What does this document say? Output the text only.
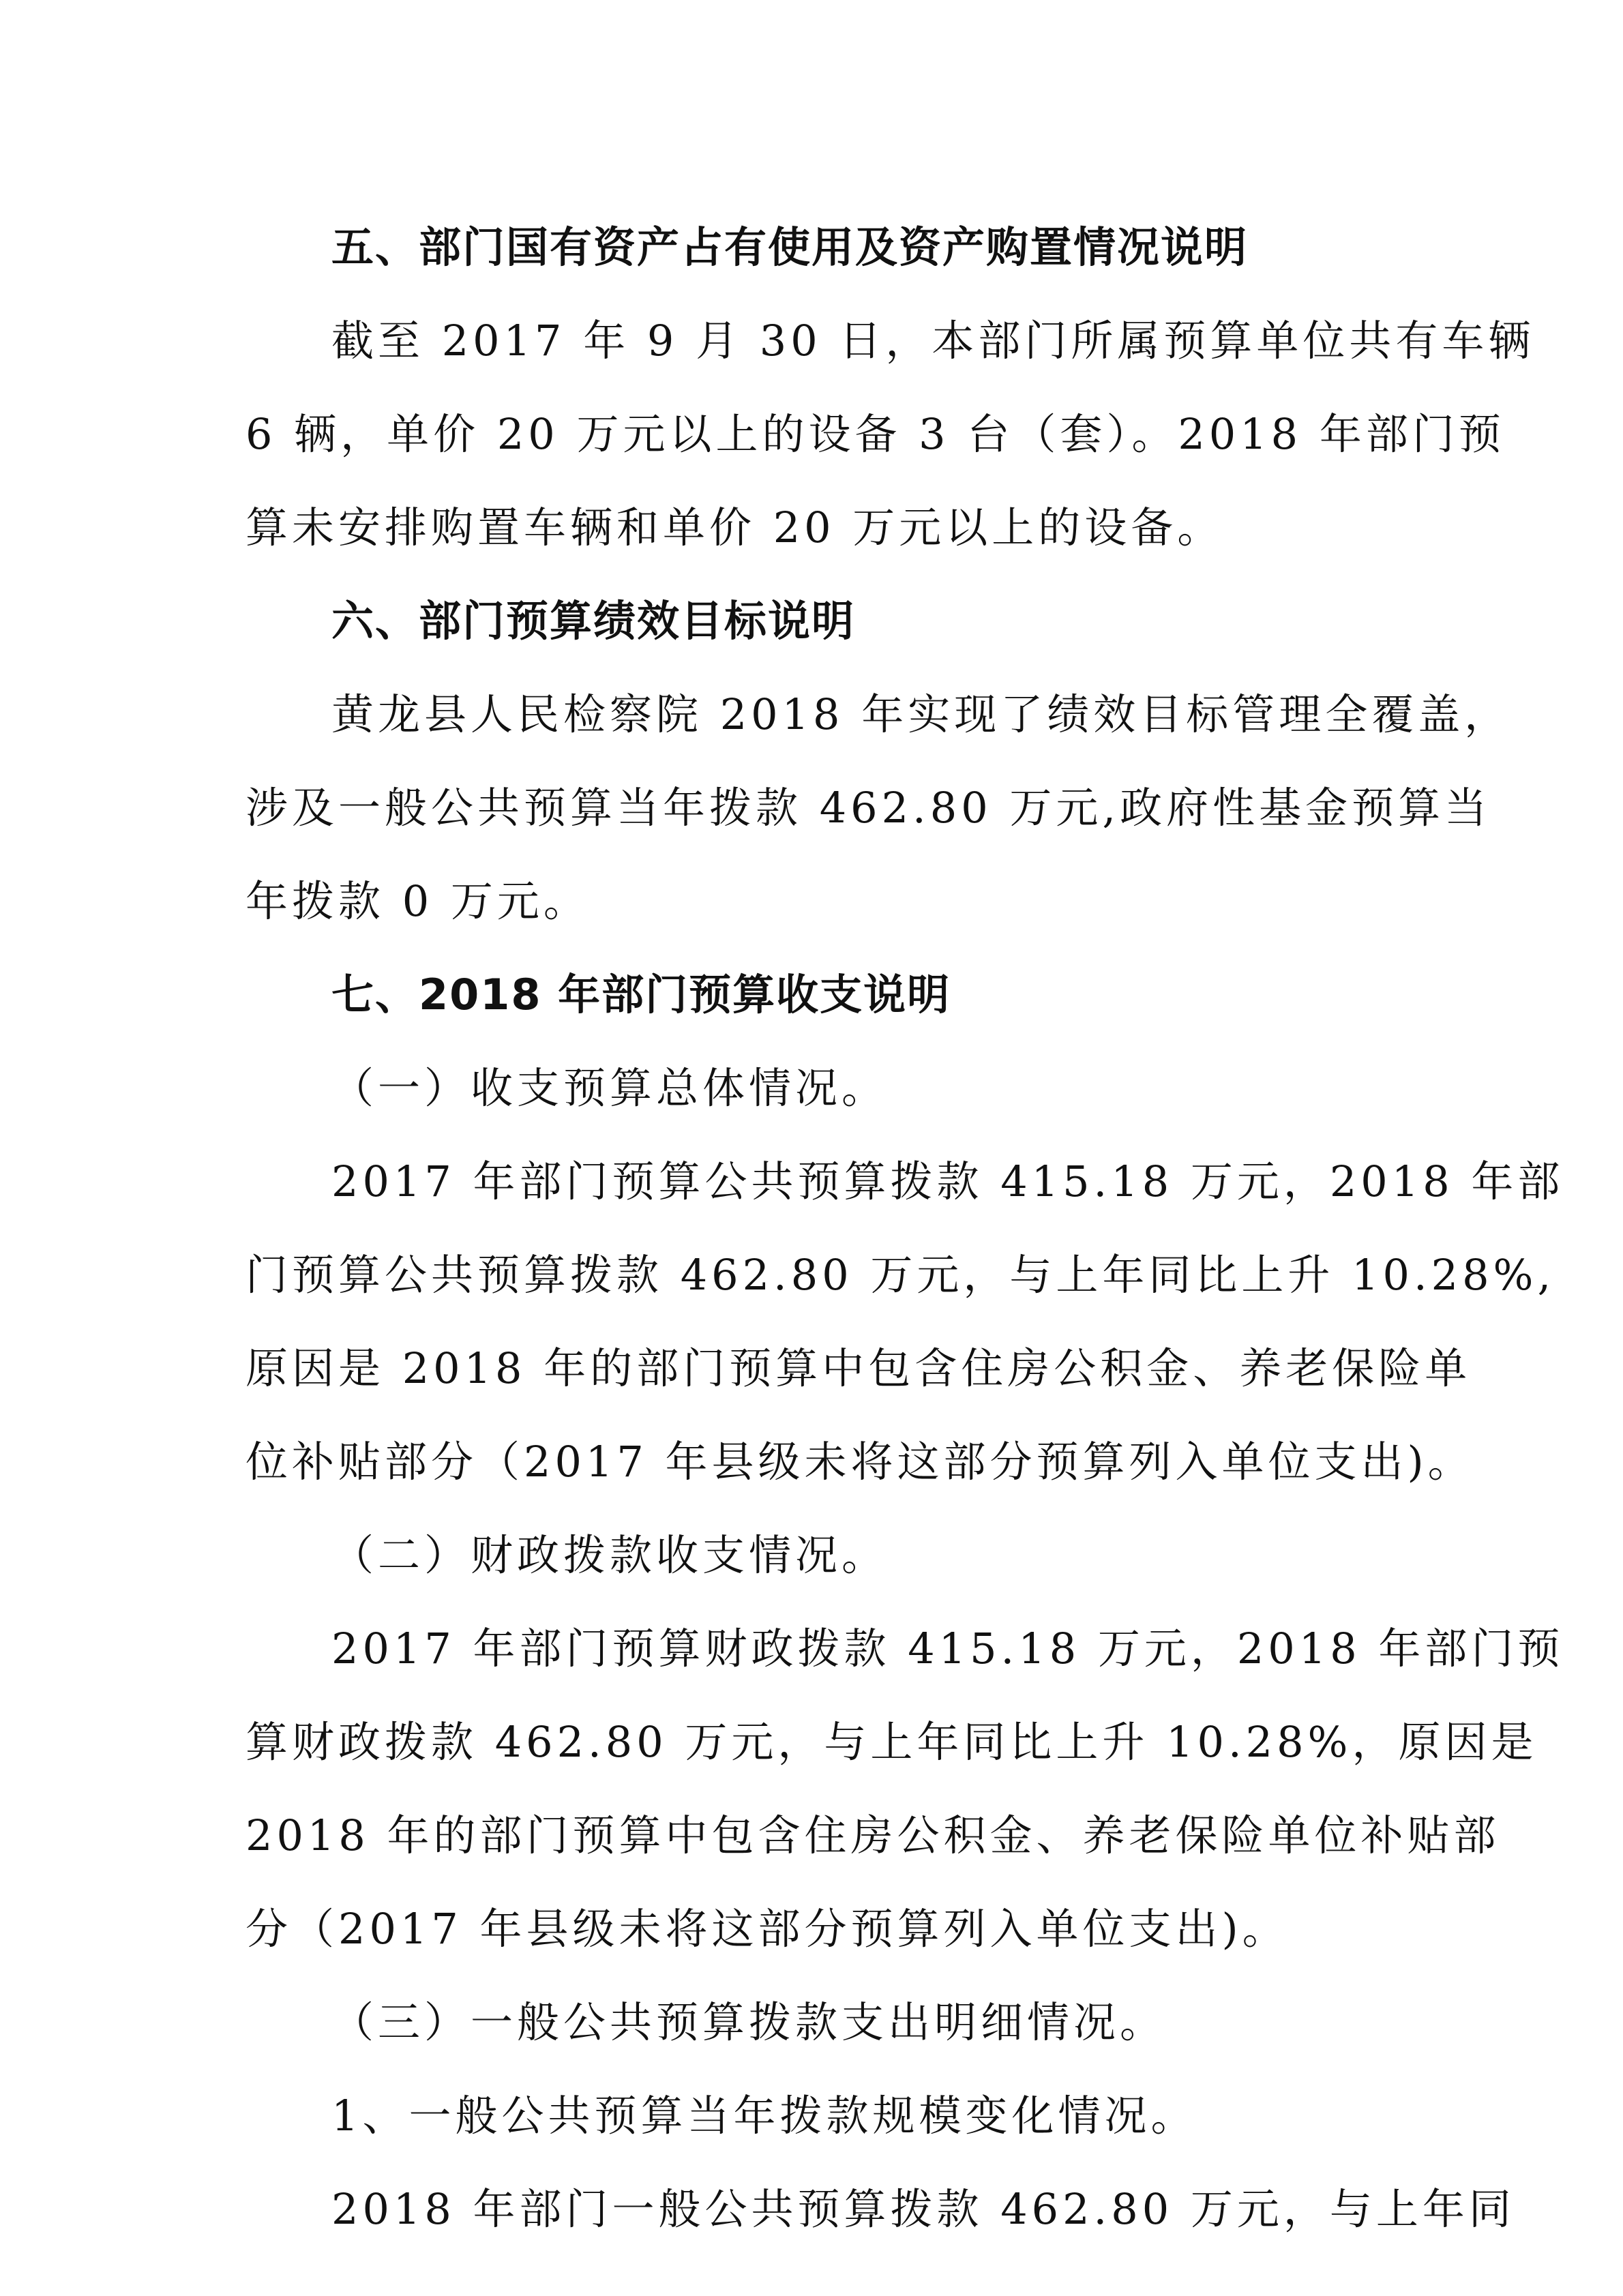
五、部门国有资产占有使用及资产购置情况说明
截至 2017 年 9 月 30 日，本部门所属预算单位共有车辆
6 辆，单价 20 万元以上的设备 3 台（套）。2018 年部门预
算未安排购置车辆和单价 20 万元以上的设备。
六、部门预算绩效目标说明
黄龙县人民检察院 2018 年实现了绩效目标管理全覆盖，
涉及一般公共预算当年拨款 462.80 万元,政府性基金预算当
年拨款 0 万元。
七、2018 年部门预算收支说明
（一）收支预算总体情况。
2017 年部门预算公共预算拨款 415.18 万元，2018 年部
门预算公共预算拨款 462.80 万元，与上年同比上升 10.28%,
原因是 2018 年的部门预算中包含住房公积金、养老保险单
位补贴部分（2017 年县级未将这部分预算列入单位支出)。
（二）财政拨款收支情况。
2017 年部门预算财政拨款 415.18 万元，2018 年部门预
算财政拨款 462.80 万元，与上年同比上升 10.28%，原因是
2018 年的部门预算中包含住房公积金、养老保险单位补贴部
分（2017 年县级未将这部分预算列入单位支出)。
（三）一般公共预算拨款支出明细情况。
1、一般公共预算当年拨款规模变化情况。
2018 年部门一般公共预算拨款 462.80 万元，与上年同
